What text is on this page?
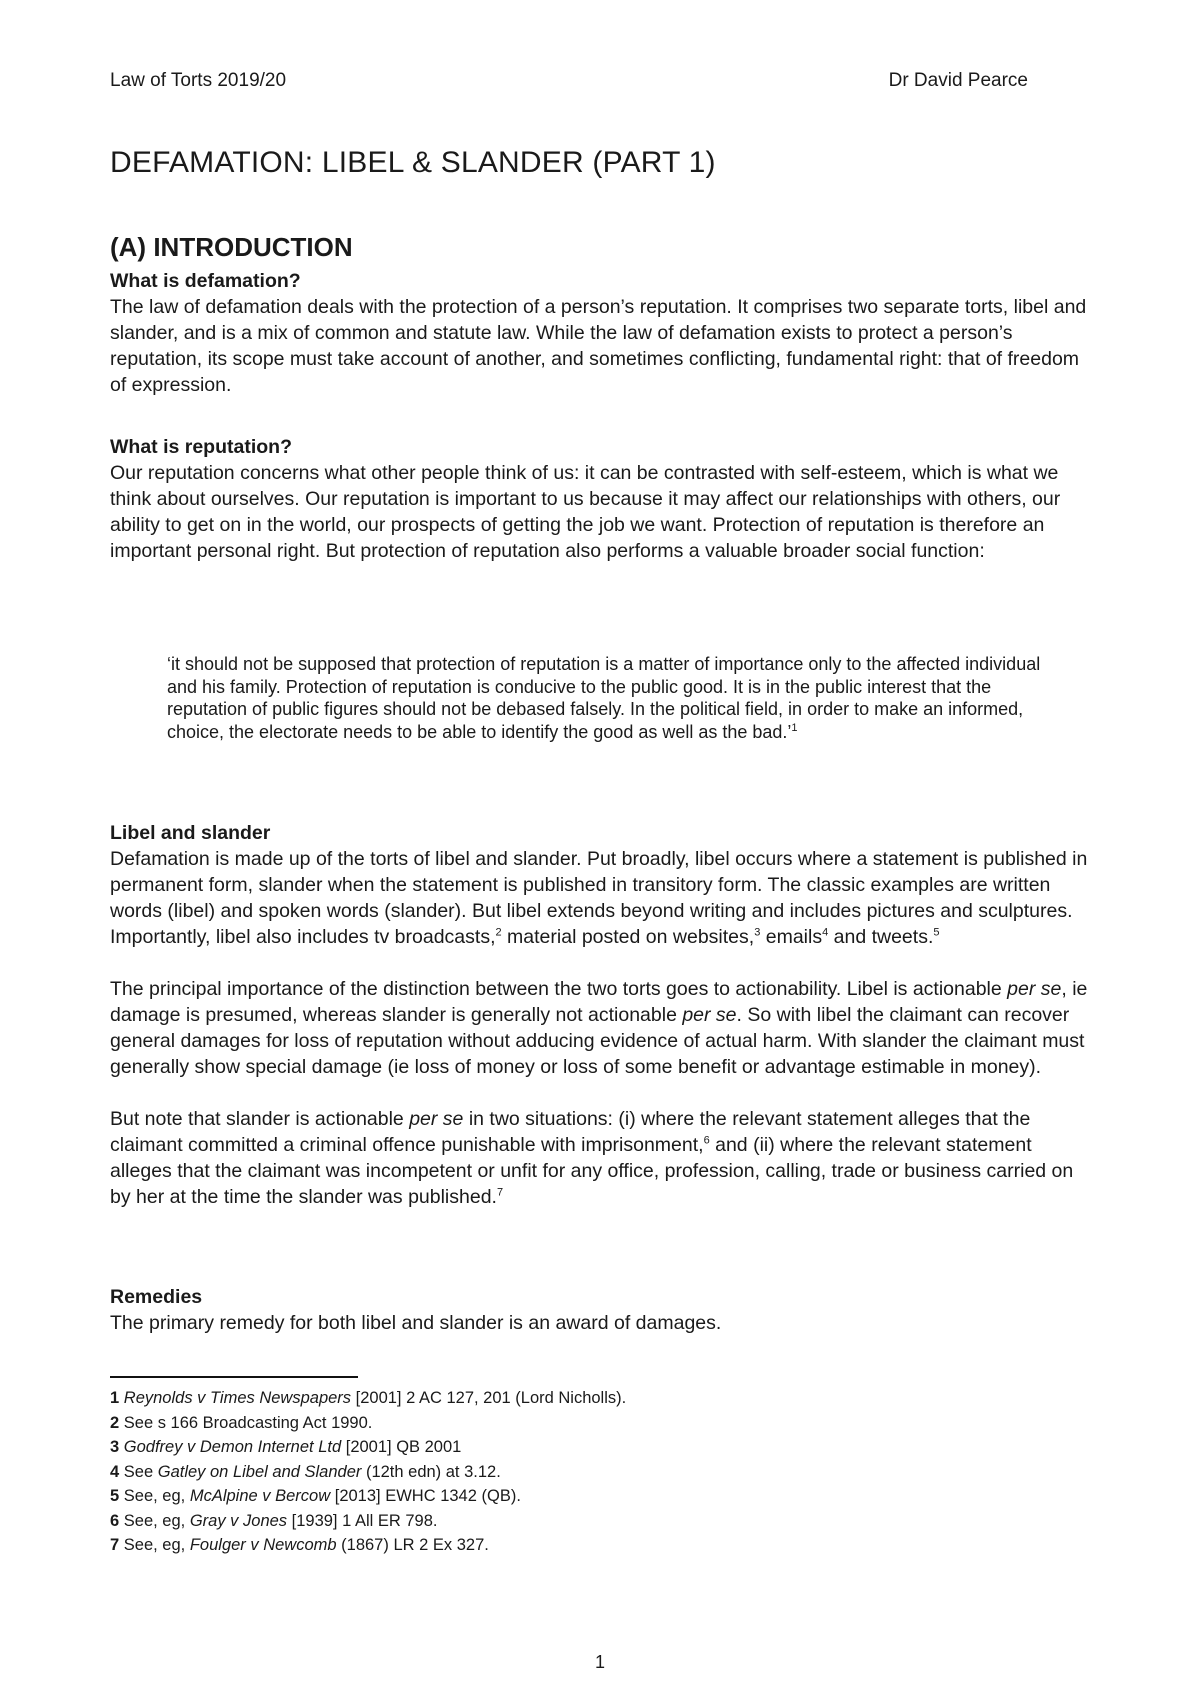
Law of Torts 2019/20	Dr David Pearce
DEFAMATION: LIBEL & SLANDER (PART 1)
(A) INTRODUCTION
What is defamation?

The law of defamation deals with the protection of a person’s reputation. It comprises two separate torts, libel and slander, and is a mix of common and statute law. While the law of defamation exists to protect a person’s reputation, its scope must take account of another, and sometimes conflicting, fundamental right: that of freedom of expression.

What is reputation?

Our reputation concerns what other people think of us: it can be contrasted with self-esteem, which is what we think about ourselves. Our reputation is important to us because it may affect our relationships with others, our ability to get on in the world, our prospects of getting the job we want. Protection of reputation is therefore an important personal right. But protection of reputation also performs a valuable broader social function:

‘it should not be supposed that protection of reputation is a matter of importance only to the affected individual and his family. Protection of reputation is conducive to the public good. It is in the public interest that the reputation of public figures should not be debased falsely. In the political field, in order to make an informed, choice, the electorate needs to be able to identify the good as well as the bad.’$^1$
Libel and slander

Defamation is made up of the torts of libel and slander. Put broadly, libel occurs where a statement is published in permanent form, slander when the statement is published in transitory form. The classic examples are written words (libel) and spoken words (slander). But libel extends beyond writing and includes pictures and sculptures. Importantly, libel also includes tv broadcasts,$^2$ material posted on websites,$^3$ emails$^4$ and tweets.$^5$

The principal importance of the distinction between the two torts goes to actionability. Libel is actionable per se, ie damage is presumed, whereas slander is generally not actionable per se. So with libel the claimant can recover general damages for loss of reputation without adducing evidence of actual harm. With slander the claimant must generally show special damage (ie loss of money or loss of some benefit or advantage estimable in money).

But note that slander is actionable per se in two situations: (i) where the relevant statement alleges that the claimant committed a criminal offence punishable with imprisonment,$^6$ and (ii) where the relevant statement alleges that the claimant was incompetent or unfit for any office, profession, calling, trade or business carried on by her at the time the slander was published.$^7$

Remedies

The primary remedy for both libel and slander is an award of damages.

1 Reynolds v Times Newspapers [2001] 2 AC 127, 201 (Lord Nicholls).
2 See s 166 Broadcasting Act 1990.
3 Godfrey v Demon Internet Ltd [2001] QB 2001
4 See Gatley on Libel and Slander (12th edn) at 3.12.
5 See, eg, McAlpine v Bercow [2013] EWHC 1342 (QB).
6 See, eg, Gray v Jones [1939] 1 All ER 798.
7 See, eg, Foulger v Newcomb (1867) LR 2 Ex 327.
1
